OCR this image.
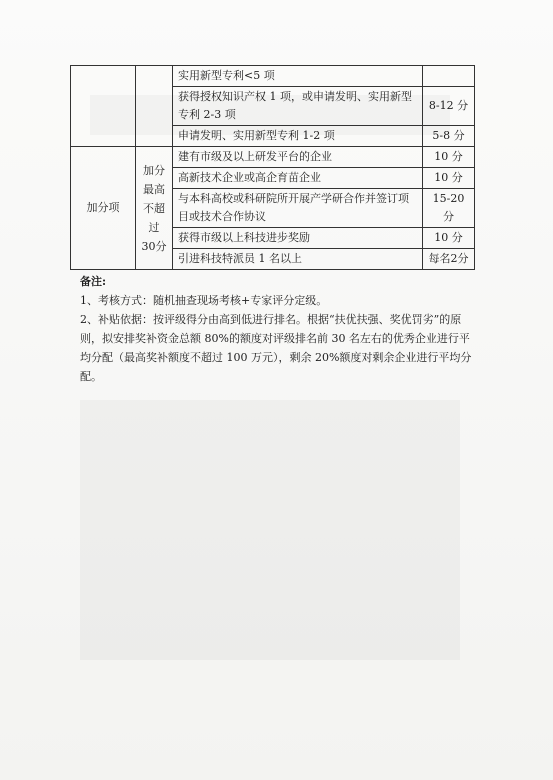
		实用新型专利<5 项	
		获得授权知识产权 1 项，或申请发明、实用新型专利 2-3 项	8-12 分
		申请发明、实用新型专利 1-2 项	5-8 分
加分项	加分最高不超过 30分	建有市级及以上研发平台的企业	10 分
		高新技术企业或高企育苗企业	10 分
		与本科高校或科研院所开展产学研合作并签订项目或技术合作协议	15-20 分
		获得市级以上科技进步奖励	10 分
		引进科技特派员 1 名以上	每名2分

备注:

1、考核方式：随机抽查现场考核+专家评分定级。

2、补贴依据：按评级得分由高到低进行排名。根据“扶优扶强、奖优罚劣”的原则，拟安排奖补资金总额 80%的额度对评级排名前 30 名左右的优秀企业进行平均分配（最高奖补额度不超过 100 万元），剩余 20%额度对剩余企业进行平均分配。
